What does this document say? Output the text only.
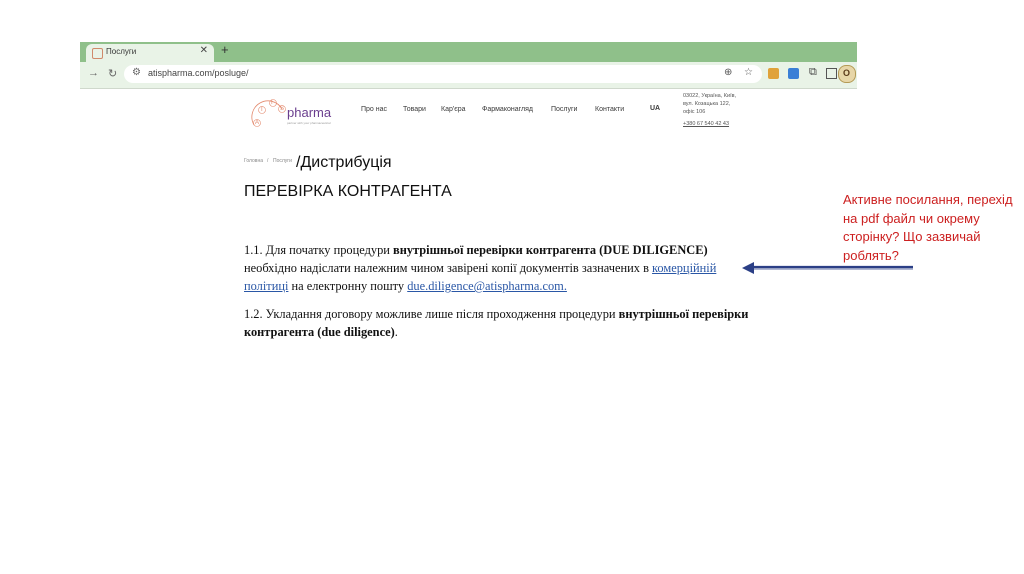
Послуги	✕ +
→ ↻ ⚙ atispharma.com/posluge/	⊕ ☆	⧉	O
A
T
I
S pharma
partner with your pharmaceutical
Про нас Товари Кар'єра Фармаконагляд	Послуги	Контакти	UA
03022, Україна, Київ,
вул. Козацька 122,
офіс 106
+380 67 540 42 43
Головна / Послуги /Дистрибуція
ПЕРЕВІРКА КОНТРАГЕНТА
1.1. Для початку процедури внутрішньої перевірки контрагента (DUE DILIGENCE) необхідно надіслати належним чином завірені копії документів зазначених в комерційній політиці на електронну пошту due.diligence@atispharma.com.
1.2. Укладання договору можливе лише після проходження процедури внутрішньої перевірки контрагента (due diligence).
Активне посилання, перехід на pdf файл чи окрему сторінку? Що зазвичай роблять?
